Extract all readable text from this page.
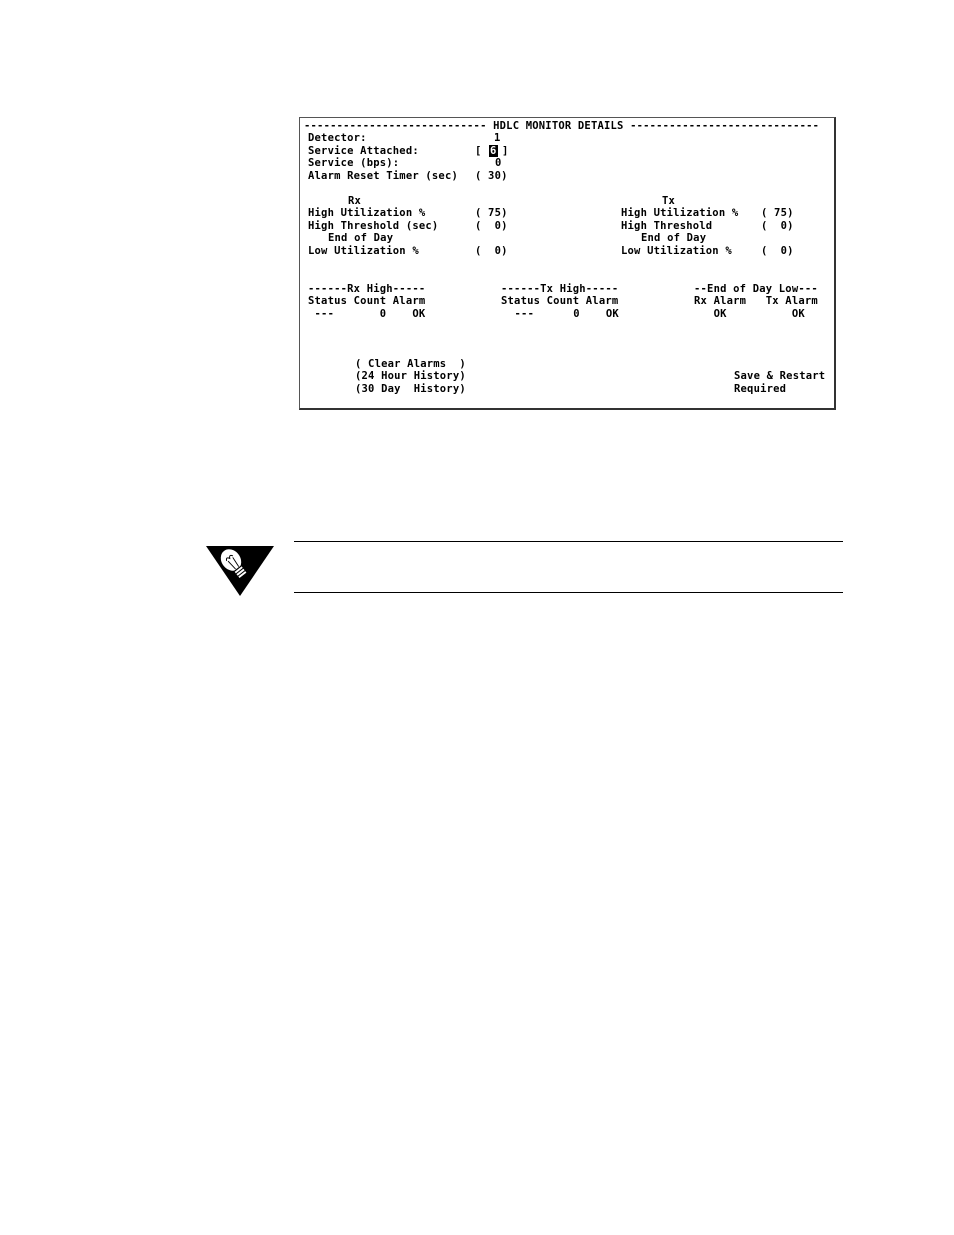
---------------------------- HDLC MONITOR DETAILS -----------------------------
Detector:	1
Service Attached:	[ 6 ]
Service (bps):	0
Alarm Reset Timer (sec) ( 30)
Rx
High Utilization %	( 75)
High Threshold (sec)	(  0)
End of Day
Low Utilization %	(  0)
Tx
High Utilization % ( 75)
High Threshold	(  0)
End of Day
Low Utilization %	(  0)
------Rx High-----
Status Count Alarm
---       0    OK
------Tx High-----
Status Count Alarm
---      0    OK
--End of Day Low---
Rx Alarm   Tx Alarm
OK          OK
( Clear Alarms  )
(24 Hour History)
(30 Day  History)
Save & Restart
Required
